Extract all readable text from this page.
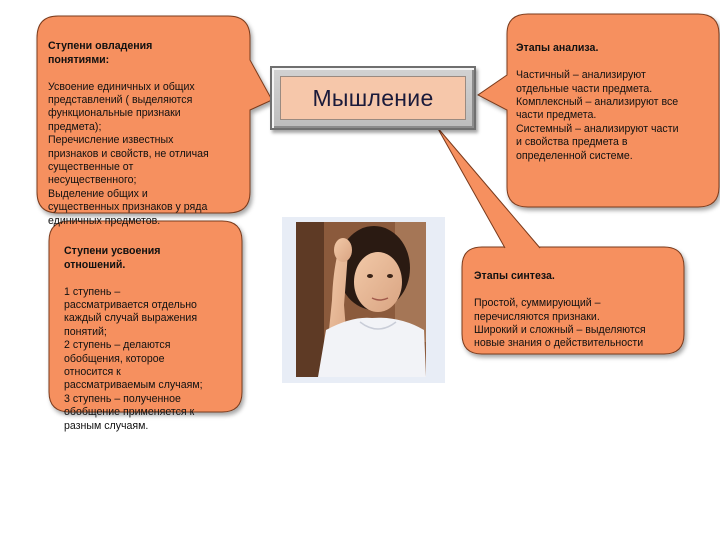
Ступени овладения
понятиями:

Усвоение единичных и общих
представлений ( выделяются
функциональные признаки
предмета);
Перечисление известных
признаков и свойств, не отличая
существенные от
несущественного;
Выделение общих и
существенных признаков у ряда
единичных предметов.

Ступени усвоения
отношений.

1 ступень –
рассматривается отдельно
каждый случай выражения
понятий;
2 ступень – делаются
обобщения, которое
относится к
рассматриваемым случаям;
3 ступень – полученное
обобщение применяется к
разным случаям.

Этапы анализа.

Частичный – анализируют
отдельные части предмета.
Комплексный – анализируют все
части предмета.
Системный – анализируют части
и свойства предмета в
определенной системе.

Этапы синтеза.

Простой, суммирующий –
перечисляются признаки.
Широкий и сложный – выделяются
новые знания о действительности

Мышление
